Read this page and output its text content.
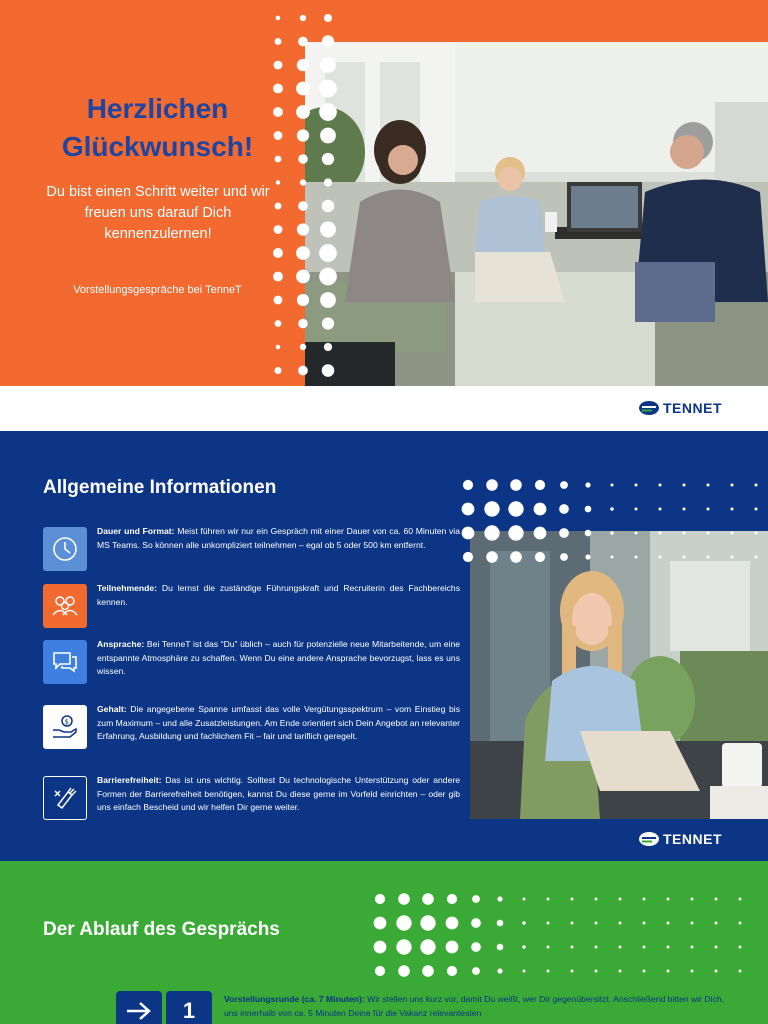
Herzlichen
Glückwunsch!

Du bist einen Schritt weiter und wir freuen uns darauf Dich kennenzulernen!

Vorstellungsgespräche bei TenneT

TENNET
Allgemeine Informationen

Dauer und Format: Meist führen wir nur ein Gespräch mit einer Dauer von ca. 60 Minuten via MS Teams. So können alle unkompliziert teilnehmen – egal ob 5 oder 500 km entfernt.

Teilnehmende: Du lernst die zuständige Führungskraft und Recruiterin des Fachbereichs kennen.

Ansprache: Bei TenneT ist das “Du” üblich – auch für potenzielle neue Mitarbeitende, um eine entspannte Atmosphäre zu schaffen. Wenn Du eine andere Ansprache bevorzugst, lass es uns wissen.

$

Gehalt: Die angegebene Spanne umfasst das volle Vergütungsspektrum – vom Einstieg bis zum Maximum – und alle Zusatzleistungen. Am Ende orientiert sich Dein Angebot an relevanter Erfahrung, Ausbildung und fachlichem Fit – fair und tariflich geregelt.

Barrierefreiheit: Das ist uns wichtig. Solltest Du technologische Unterstützung oder andere Formen der Barrierefreiheit benötigen, kannst Du diese gerne im Vorfeld einrichten – oder gib uns einfach Bescheid und wir helfen Dir gerne weiter.

TENNET
Der Ablauf des Gesprächs
1	Vorstellungsrunde (ca. 7 Minuten): Wir stellen uns kurz vor, damit Du weißt, wer Dir gegenübersitzt. Anschließend bitten wir Dich, uns innerhalb von ca. 5 Minuten Deine für die Vakanz relevantesten
